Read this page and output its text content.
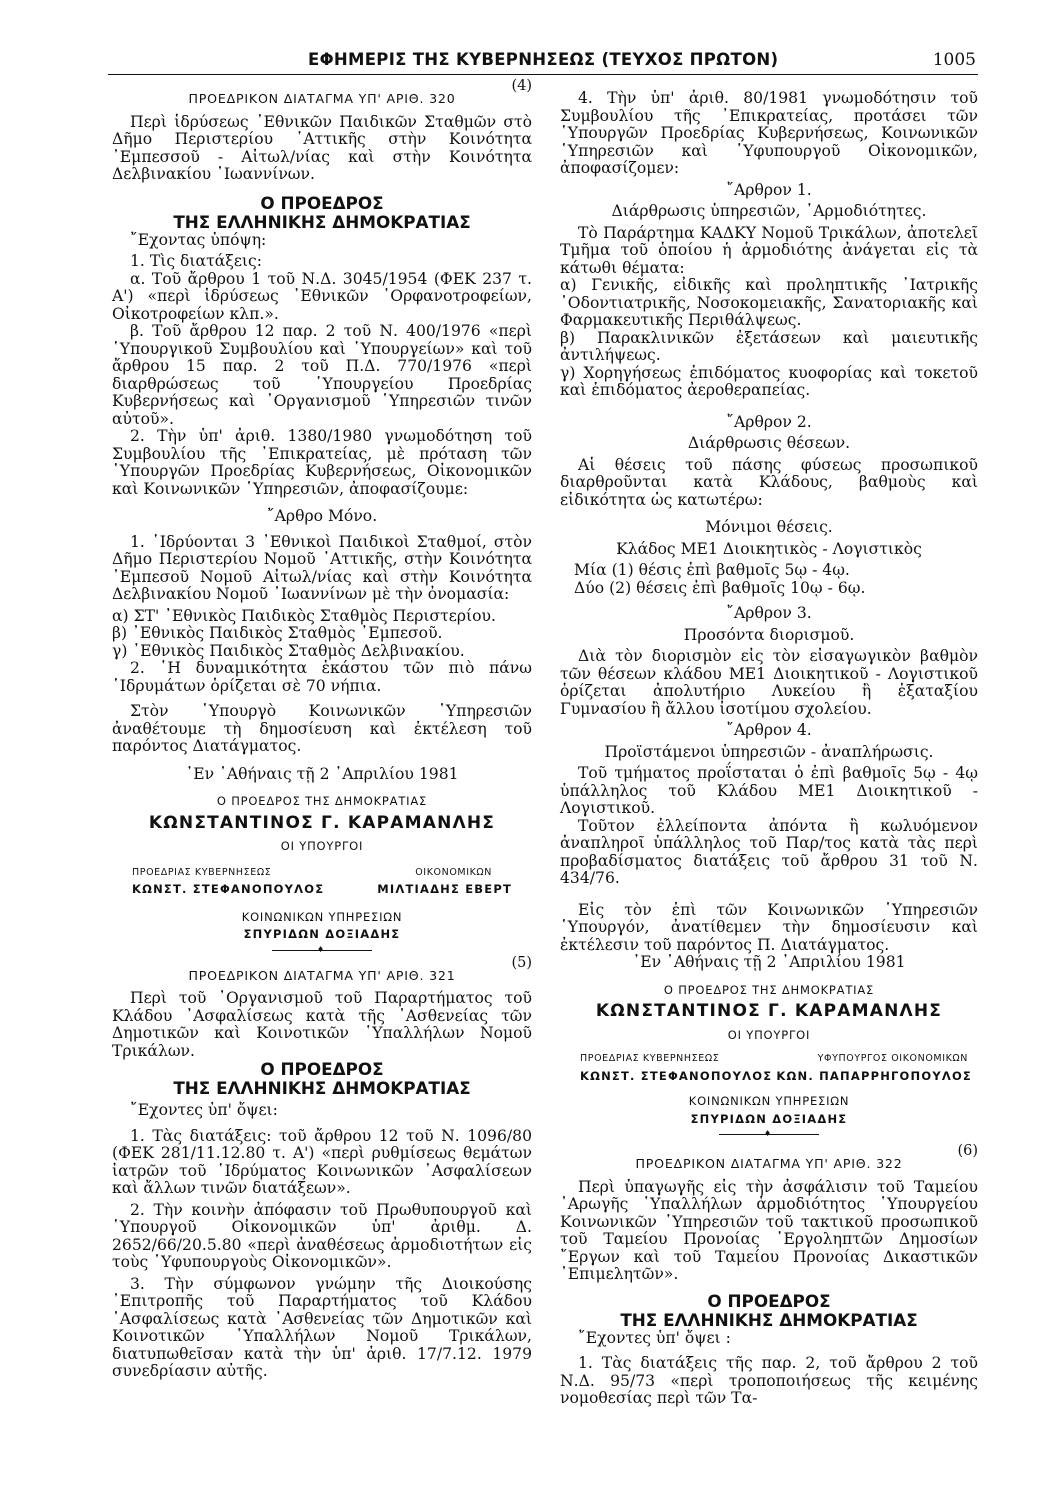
ΕΦΗΜΕΡΙΣ ΤΗΣ ΚΥΒΕΡΝΗΣΕΩΣ (ΤΕΥΧΟΣ ΠΡΩΤΟΝ)	1005
(4)
ΠΡΟΕΔΡΙΚΟΝ ΔΙΑΤΑΓΜΑ ΥΠ' ΑΡΙΘ. 320

Περὶ ἱδρύσεως ᾿Εθνικῶν Παιδικῶν Σταθμῶν στὸ Δῆμο Περιστερίου ᾿Αττικῆς στὴν Κοινότητα ᾿Εμπεσσοῦ - Αἰτωλ/νίας καὶ στὴν Κοινότητα Δελβινακίου ᾿Ιωαννίνων.

Ο ΠΡΟΕΔΡΟΣ
ΤΗΣ ΕΛΛΗΝΙΚΗΣ ΔΗΜΟΚΡΑΤΙΑΣ

῎Εχοντας ὑπόψη:

1. Τὶς διατάξεις:

α. Τοῦ ἄρθρου 1 τοῦ Ν.Δ. 3045/1954 (ΦΕΚ 237 τ. Α') «περὶ ἱδρύσεως ᾿Εθνικῶν ᾿Ορφανοτροφείων, Οἰκοτροφείων κλπ.».

β. Τοῦ ἄρθρου 12 παρ. 2 τοῦ Ν. 400/1976 «περὶ ῾Υπουργικοῦ Συμβουλίου καὶ ῾Υπουργείων» καὶ τοῦ ἄρθρου 15 παρ. 2 τοῦ Π.Δ. 770/1976 «περὶ διαρθρώσεως τοῦ ῾Υπουργείου Προεδρίας Κυβερνήσεως καὶ ᾿Οργανισμοῦ ῾Υπηρεσιῶν τινῶν αὐτοῦ».

2. Τὴν ὑπ' ἀριθ. 1380/1980 γνωμοδότηση τοῦ Συμβουλίου τῆς ᾿Επικρατείας, μὲ πρόταση τῶν ῾Υπουργῶν Προεδρίας Κυβερνήσεως, Οἰκονομικῶν καὶ Κοινωνικῶν ῾Υπηρεσιῶν, ἀποφασίζουμε:

῎Αρθρο Μόνο.

1. ῾Ιδρύονται 3 ᾿Εθνικοὶ Παιδικοὶ Σταθμοί, στὸν Δῆμο Περιστερίου Νομοῦ ᾿Αττικῆς, στὴν Κοινότητα ᾿Εμπεσοῦ Νομοῦ Αἰτωλ/νίας καὶ στὴν Κοινότητα Δελβινακίου Νομοῦ ᾿Ιωαννίνων μὲ τὴν ὀνομασία:

α) ΣΤ' ᾿Εθνικὸς Παιδικὸς Σταθμὸς Περιστερίου.

β) ᾿Εθνικὸς Παιδικὸς Σταθμὸς ᾿Εμπεσοῦ.

γ) ᾿Εθνικὸς Παιδικὸς Σταθμὸς Δελβινακίου.

2. ῾Η δυναμικότητα ἑκάστου τῶν πιὸ πάνω ῾Ιδρυμάτων ὁρίζεται σὲ 70 νήπια.

Στὸν ῾Υπουργὸ Κοινωνικῶν ῾Υπηρεσιῶν ἀναθέτουμε τὴ δημοσίευση καὶ ἐκτέλεση τοῦ παρόντος Διατάγματος.

᾿Εν ᾿Αθήναις τῇ 2 ᾿Απριλίου 1981

Ο ΠΡΟΕΔΡΟΣ ΤΗΣ ΔΗΜΟΚΡΑΤΙΑΣ
ΚΩΝΣΤΑΝΤΙΝΟΣ Γ. ΚΑΡΑΜΑΝΛΗΣ
ΟΙ ΥΠΟΥΡΓΟΙ
ΠΡΟΕΔΡΙΑΣ ΚΥΒΕΡΝΗΣΕΩΣ	ΟΙΚΟΝΟΜΙΚΩΝ
ΚΩΝΣΤ. ΣΤΕΦΑΝΟΠΟΥΛΟΣ	ΜΙΛΤΙΑΔΗΣ ΕΒΕΡΤ
ΚΟΙΝΩΝΙΚΩΝ ΥΠΗΡΕΣΙΩΝ
ΣΠΥΡΙΔΩΝ ΔΟΞΙΑΔΗΣ
♦
(5)
ΠΡΟΕΔΡΙΚΟΝ ΔΙΑΤΑΓΜΑ ΥΠ' ΑΡΙΘ. 321

Περὶ τοῦ ᾿Οργανισμοῦ τοῦ Παραρτήματος τοῦ Κλάδου ᾿Ασφαλίσεως κατὰ τῆς ᾿Ασθενείας τῶν Δημοτικῶν καὶ Κοινοτικῶν ῾Υπαλλήλων Νομοῦ Τρικάλων.

Ο ΠΡΟΕΔΡΟΣ
ΤΗΣ ΕΛΛΗΝΙΚΗΣ ΔΗΜΟΚΡΑΤΙΑΣ

῎Εχοντες ὑπ' ὄψει:

1. Τὰς διατάξεις: τοῦ ἄρθρου 12 τοῦ Ν. 1096/80 (ΦΕΚ 281/11.12.80 τ. Α') «περὶ ρυθμίσεως θεμάτων ἰατρῶν τοῦ ῾Ιδρύματος Κοινωνικῶν ᾿Ασφαλίσεων καὶ ἄλλων τινῶν διατάξεων».

2. Τὴν κοινὴν ἀπόφασιν τοῦ Πρωθυπουργοῦ καὶ ῾Υπουργοῦ Οἰκονομικῶν ὑπ' ἀριθμ. Δ. 2652/66/20.5.80 «περὶ ἀναθέσεως ἁρμοδιοτήτων εἰς τοὺς ῾Υφυπουργοὺς Οἰκονομικῶν».

3. Τὴν σύμφωνον γνώμην τῆς Διοικούσης ᾿Επιτροπῆς τοῦ Παραρτήματος τοῦ Κλάδου ᾿Ασφαλίσεως κατὰ ᾿Ασθενείας τῶν Δημοτικῶν καὶ Κοινοτικῶν ῾Υπαλλήλων Νομοῦ Τρικάλων, διατυπωθεῖσαν κατὰ τὴν ὑπ' ἀριθ. 17/7.12. 1979 συνεδρίασιν αὐτῆς.

4. Τὴν ὑπ' ἀριθ. 80/1981 γνωμοδότησιν τοῦ Συμβουλίου τῆς ᾿Επικρατείας, προτάσει τῶν ῾Υπουργῶν Προεδρίας Κυβερνήσεως, Κοινωνικῶν ῾Υπηρεσιῶν καὶ ῾Υφυπουργοῦ Οἰκονομικῶν, ἀποφασίζομεν:

῎Αρθρον 1.

Διάρθρωσις ὑπηρεσιῶν, ῾Αρμοδιότητες.

Τὸ Παράρτημα ΚΑΔΚΥ Νομοῦ Τρικάλων, ἀποτελεῖ Τμῆμα τοῦ ὁποίου ἡ ἁρμοδιότης ἀνάγεται εἰς τὰ κάτωθι θέματα:

α) Γενικῆς, εἰδικῆς καὶ προληπτικῆς ᾿Ιατρικῆς ᾿Οδοντιατρικῆς, Νοσοκομειακῆς, Σανατοριακῆς καὶ Φαρμακευτικῆς Περιθάλψεως.

β) Παρακλινικῶν ἐξετάσεων καὶ μαιευτικῆς ἀντιλήψεως.

γ) Χορηγήσεως ἐπιδόματος κυοφορίας καὶ τοκετοῦ καὶ ἐπιδόματος ἀεροθεραπείας.

῎Αρθρον 2.

Διάρθρωσις θέσεων.

Αἱ θέσεις τοῦ πάσης φύσεως προσωπικοῦ διαρθροῦνται κατὰ Κλάδους, βαθμοὺς καὶ εἰδικότητα ὡς κατωτέρω:

Μόνιμοι θέσεις.

Κλάδος ΜΕ1 Διοικητικὸς - Λογιστικὸς

Μία (1) θέσις ἐπὶ βαθμοῖς 5ῳ - 4ῳ.

Δύο (2) θέσεις ἐπὶ βαθμοῖς 10ῳ - 6ῳ.

῎Αρθρον 3.

Προσόντα διορισμοῦ.

Διὰ τὸν διορισμὸν εἰς τὸν εἰσαγωγικὸν βαθμὸν τῶν θέσεων κλάδου ΜΕ1 Διοικητικοῦ - Λογιστικοῦ ὁρίζεται ἀπολυτήριο Λυκείου ἢ ἑξαταξίου Γυμνασίου ἢ ἄλλου ἰσοτίμου σχολείου.

῎Αρθρον 4.

Προϊστάμενοι ὑπηρεσιῶν - ἀναπλήρωσις.

Τοῦ τμήματος προΐσταται ὁ ἐπὶ βαθμοῖς 5ῳ - 4ῳ ὑπάλληλος τοῦ Κλάδου ΜΕ1 Διοικητικοῦ - Λογιστικοῦ.

Τοῦτον ἐλλείποντα ἀπόντα ἢ κωλυόμενον ἀναπληροῖ ὑπάλληλος τοῦ Παρ/τος κατὰ τὰς περὶ προβαδίσματος διατάξεις τοῦ ἄρθρου 31 τοῦ Ν. 434/76.

Εἰς τὸν ἐπὶ τῶν Κοινωνικῶν ῾Υπηρεσιῶν ῾Υπουργόν, ἀνατίθεμεν τὴν δημοσίευσιν καὶ ἐκτέλεσιν τοῦ παρόντος Π. Διατάγματος.

᾿Εν ᾿Αθήναις τῇ 2 ᾿Απριλίου 1981

Ο ΠΡΟΕΔΡΟΣ ΤΗΣ ΔΗΜΟΚΡΑΤΙΑΣ
ΚΩΝΣΤΑΝΤΙΝΟΣ Γ. ΚΑΡΑΜΑΝΛΗΣ
ΟΙ ΥΠΟΥΡΓΟΙ
ΠΡΟΕΔΡΙΑΣ ΚΥΒΕΡΝΗΣΕΩΣ	ΥΦΥΠΟΥΡΓΟΣ ΟΙΚΟΝΟΜΙΚΩΝ
ΚΩΝΣΤ. ΣΤΕΦΑΝΟΠΟΥΛΟΣ ΚΩΝ. ΠΑΠΑΡΡΗΓΟΠΟΥΛΟΣ
ΚΟΙΝΩΝΙΚΩΝ ΥΠΗΡΕΣΙΩΝ
ΣΠΥΡΙΔΩΝ ΔΟΞΙΑΔΗΣ
♦
(6)
ΠΡΟΕΔΡΙΚΟΝ ΔΙΑΤΑΓΜΑ ΥΠ' ΑΡΙΘ. 322

Περὶ ὑπαγωγῆς εἰς τὴν ἀσφάλισιν τοῦ Ταμείου ᾿Αρωγῆς ῾Υπαλλήλων ἁρμοδιότητος ῾Υπουργείου Κοινωνικῶν ῾Υπηρεσιῶν τοῦ τακτικοῦ προσωπικοῦ τοῦ Ταμείου Προνοίας ᾿Εργοληπτῶν Δημοσίων ῎Εργων καὶ τοῦ Ταμείου Προνοίας Δικαστικῶν ᾿Επιμελητῶν».

Ο ΠΡΟΕΔΡΟΣ
ΤΗΣ ΕΛΛΗΝΙΚΗΣ ΔΗΜΟΚΡΑΤΙΑΣ

῎Εχοντες ὑπ' ὄψει :

1. Τὰς διατάξεις τῆς παρ. 2, τοῦ ἄρθρου 2 τοῦ Ν.Δ. 95/73 «περὶ τροποποιήσεως τῆς κειμένης νομοθεσίας περὶ τῶν Τα-
